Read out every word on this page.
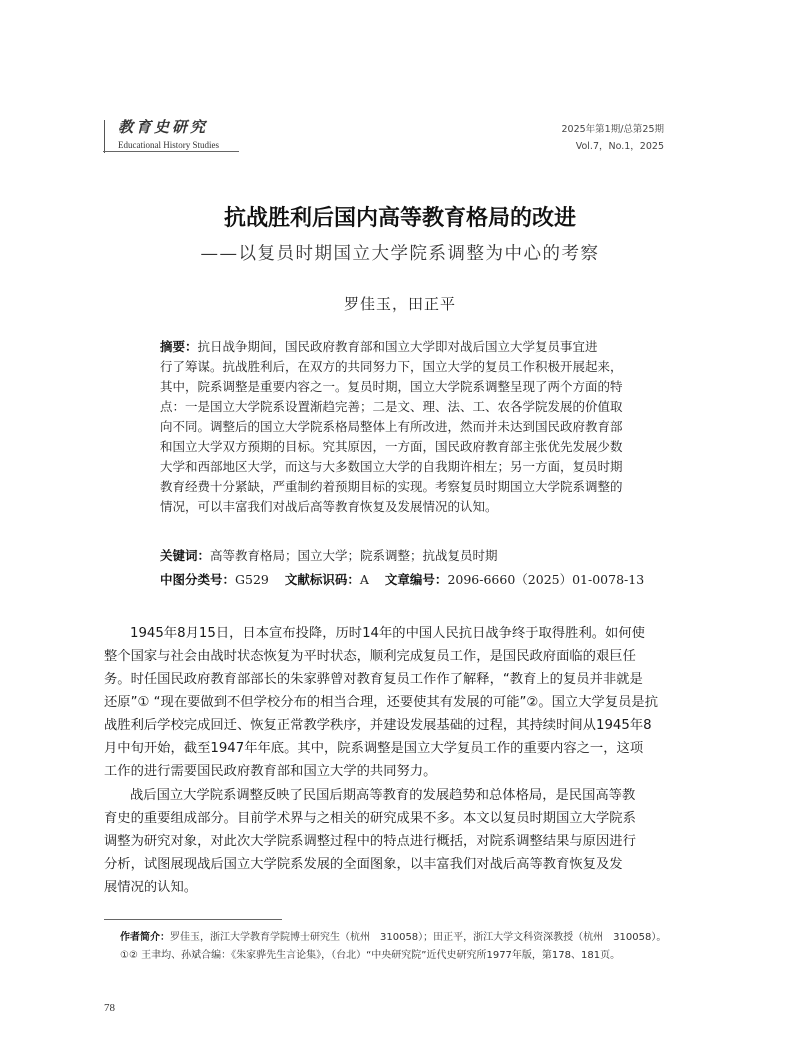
教育史研究
Educational History Studies
2025年第1期/总第25期
Vol.7，No.1，2025
抗战胜利后国内高等教育格局的改进
——以复员时期国立大学院系调整为中心的考察
罗佳玉，田正平
摘要：抗日战争期间，国民政府教育部和国立大学即对战后国立大学复员事宜进
行了筹谋。抗战胜利后，在双方的共同努力下，国立大学的复员工作积极开展起来，
其中，院系调整是重要内容之一。复员时期，国立大学院系调整呈现了两个方面的特
点：一是国立大学院系设置渐趋完善；二是文、理、法、工、农各学院发展的价值取
向不同。调整后的国立大学院系格局整体上有所改进，然而并未达到国民政府教育部
和国立大学双方预期的目标。究其原因，一方面，国民政府教育部主张优先发展少数
大学和西部地区大学，而这与大多数国立大学的自我期许相左；另一方面，复员时期
教育经费十分紧缺，严重制约着预期目标的实现。考察复员时期国立大学院系调整的
情况，可以丰富我们对战后高等教育恢复及发展情况的认知。
关键词：高等教育格局；国立大学；院系调整；抗战复员时期
中图分类号：G529 文献标识码：A 文章编号：2096-6660（2025）01-0078-13
1945年8月15日，日本宣布投降，历时14年的中国人民抗日战争终于取得胜利。如何使
整个国家与社会由战时状态恢复为平时状态，顺利完成复员工作，是国民政府面临的艰巨任
务。时任国民政府教育部部长的朱家骅曾对教育复员工作作了解释，“教育上的复员并非就是
还原”① “现在要做到不但学校分布的相当合理，还要使其有发展的可能”②。国立大学复员是抗
战胜利后学校完成回迁、恢复正常教学秩序，并建设发展基础的过程，其持续时间从1945年8
月中旬开始，截至1947年年底。其中，院系调整是国立大学复员工作的重要内容之一，这项
工作的进行需要国民政府教育部和国立大学的共同努力。
战后国立大学院系调整反映了民国后期高等教育的发展趋势和总体格局，是民国高等教
育史的重要组成部分。目前学术界与之相关的研究成果不多。本文以复员时期国立大学院系
调整为研究对象，对此次大学院系调整过程中的特点进行概括，对院系调整结果与原因进行
分析，试图展现战后国立大学院系发展的全面图象，以丰富我们对战后高等教育恢复及发
展情况的认知。
作者简介：罗佳玉，浙江大学教育学院博士研究生（杭州　310058）；田正平，浙江大学文科资深教授（杭州　310058）。
①② 王聿均、孙斌合编：《朱家骅先生言论集》，（台北）“中央研究院”近代史研究所1977年版，第178、181页。
78
